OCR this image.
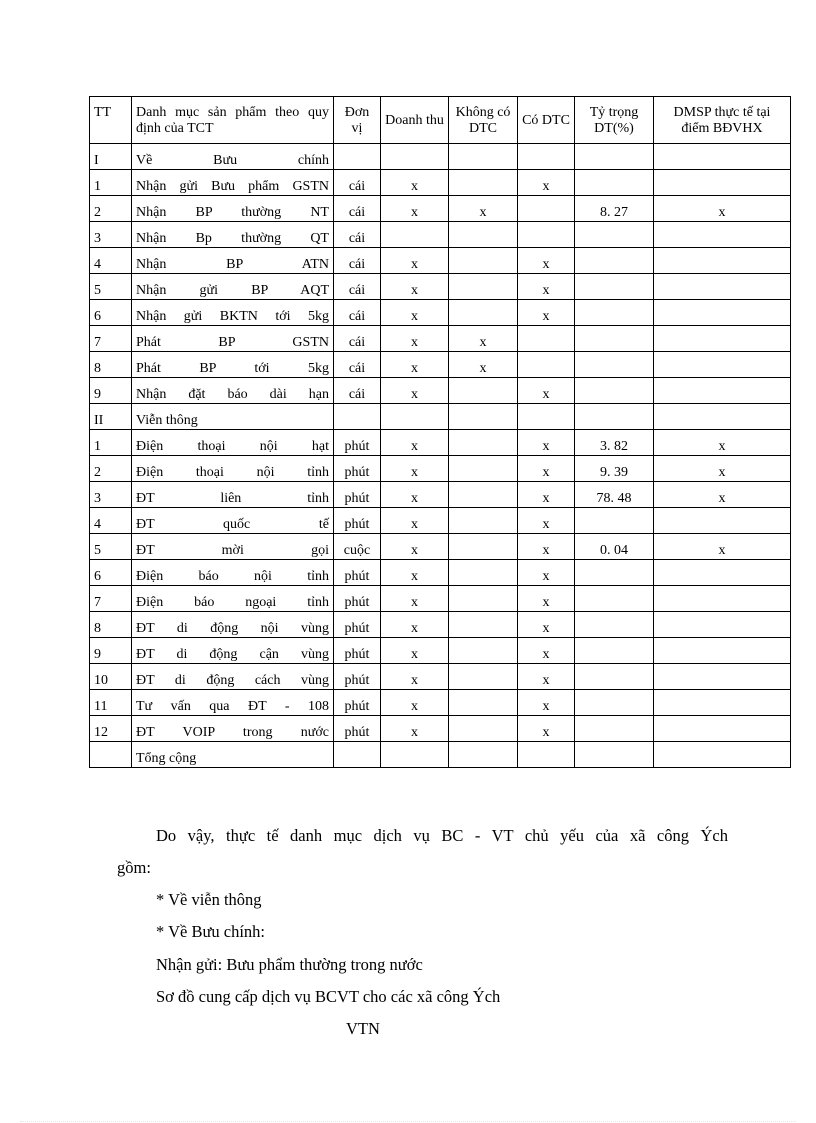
TT	Danh mục sản phẩm theo quy định của TCT	Đơn vị	Doanh thu	Không có DTC	Có DTC	Tỷ trọng DT(%)	DMSP thực tế tại điểm BĐVHX
I	Về Bưu chính						
1	Nhận gửi Bưu phẩm GSTN	cái	x		x		
2	Nhận BP thường NT	cái	x	x		8. 27	x
3	Nhận Bp thường QT	cái					
4	Nhận BP ATN	cái	x		x		
5	Nhận gửi BP AQT	cái	x		x		
6	Nhận gửi BKTN tới 5kg	cái	x		x		
7	Phát BP GSTN	cái	x	x			
8	Phát BP tới 5kg	cái	x	x			
9	Nhận đặt báo dài hạn	cái	x		x		
II	Viễn thông						
1	Điện thoại nội hạt	phút	x		x	3. 82	x
2	Điện thoại nội tỉnh	phút	x		x	9. 39	x
3	ĐT liên tỉnh	phút	x		x	78. 48	x
4	ĐT quốc tế	phút	x		x		
5	ĐT mời gọi	cuộc	x		x	0. 04	x
6	Điện báo nội tỉnh	phút	x		x		
7	Điện báo ngoại tỉnh	phút	x		x		
8	ĐT di động nội vùng	phút	x		x		
9	ĐT di động cận vùng	phút	x		x		
10	ĐT di động cách vùng	phút	x		x		
11	Tư vấn qua ĐT - 108	phút	x		x		
12	ĐT VOIP trong nước	phút	x		x		
	Tổng cộng						
Do vậy, thực tế danh mục dịch vụ BC - VT chủ yếu của xã công Ých
gồm:
* Về viễn thông
* Về Bưu chính:
Nhận gửi: Bưu phẩm thường trong nước
Sơ đồ cung cấp dịch vụ BCVT cho các xã công Ých
VTN
